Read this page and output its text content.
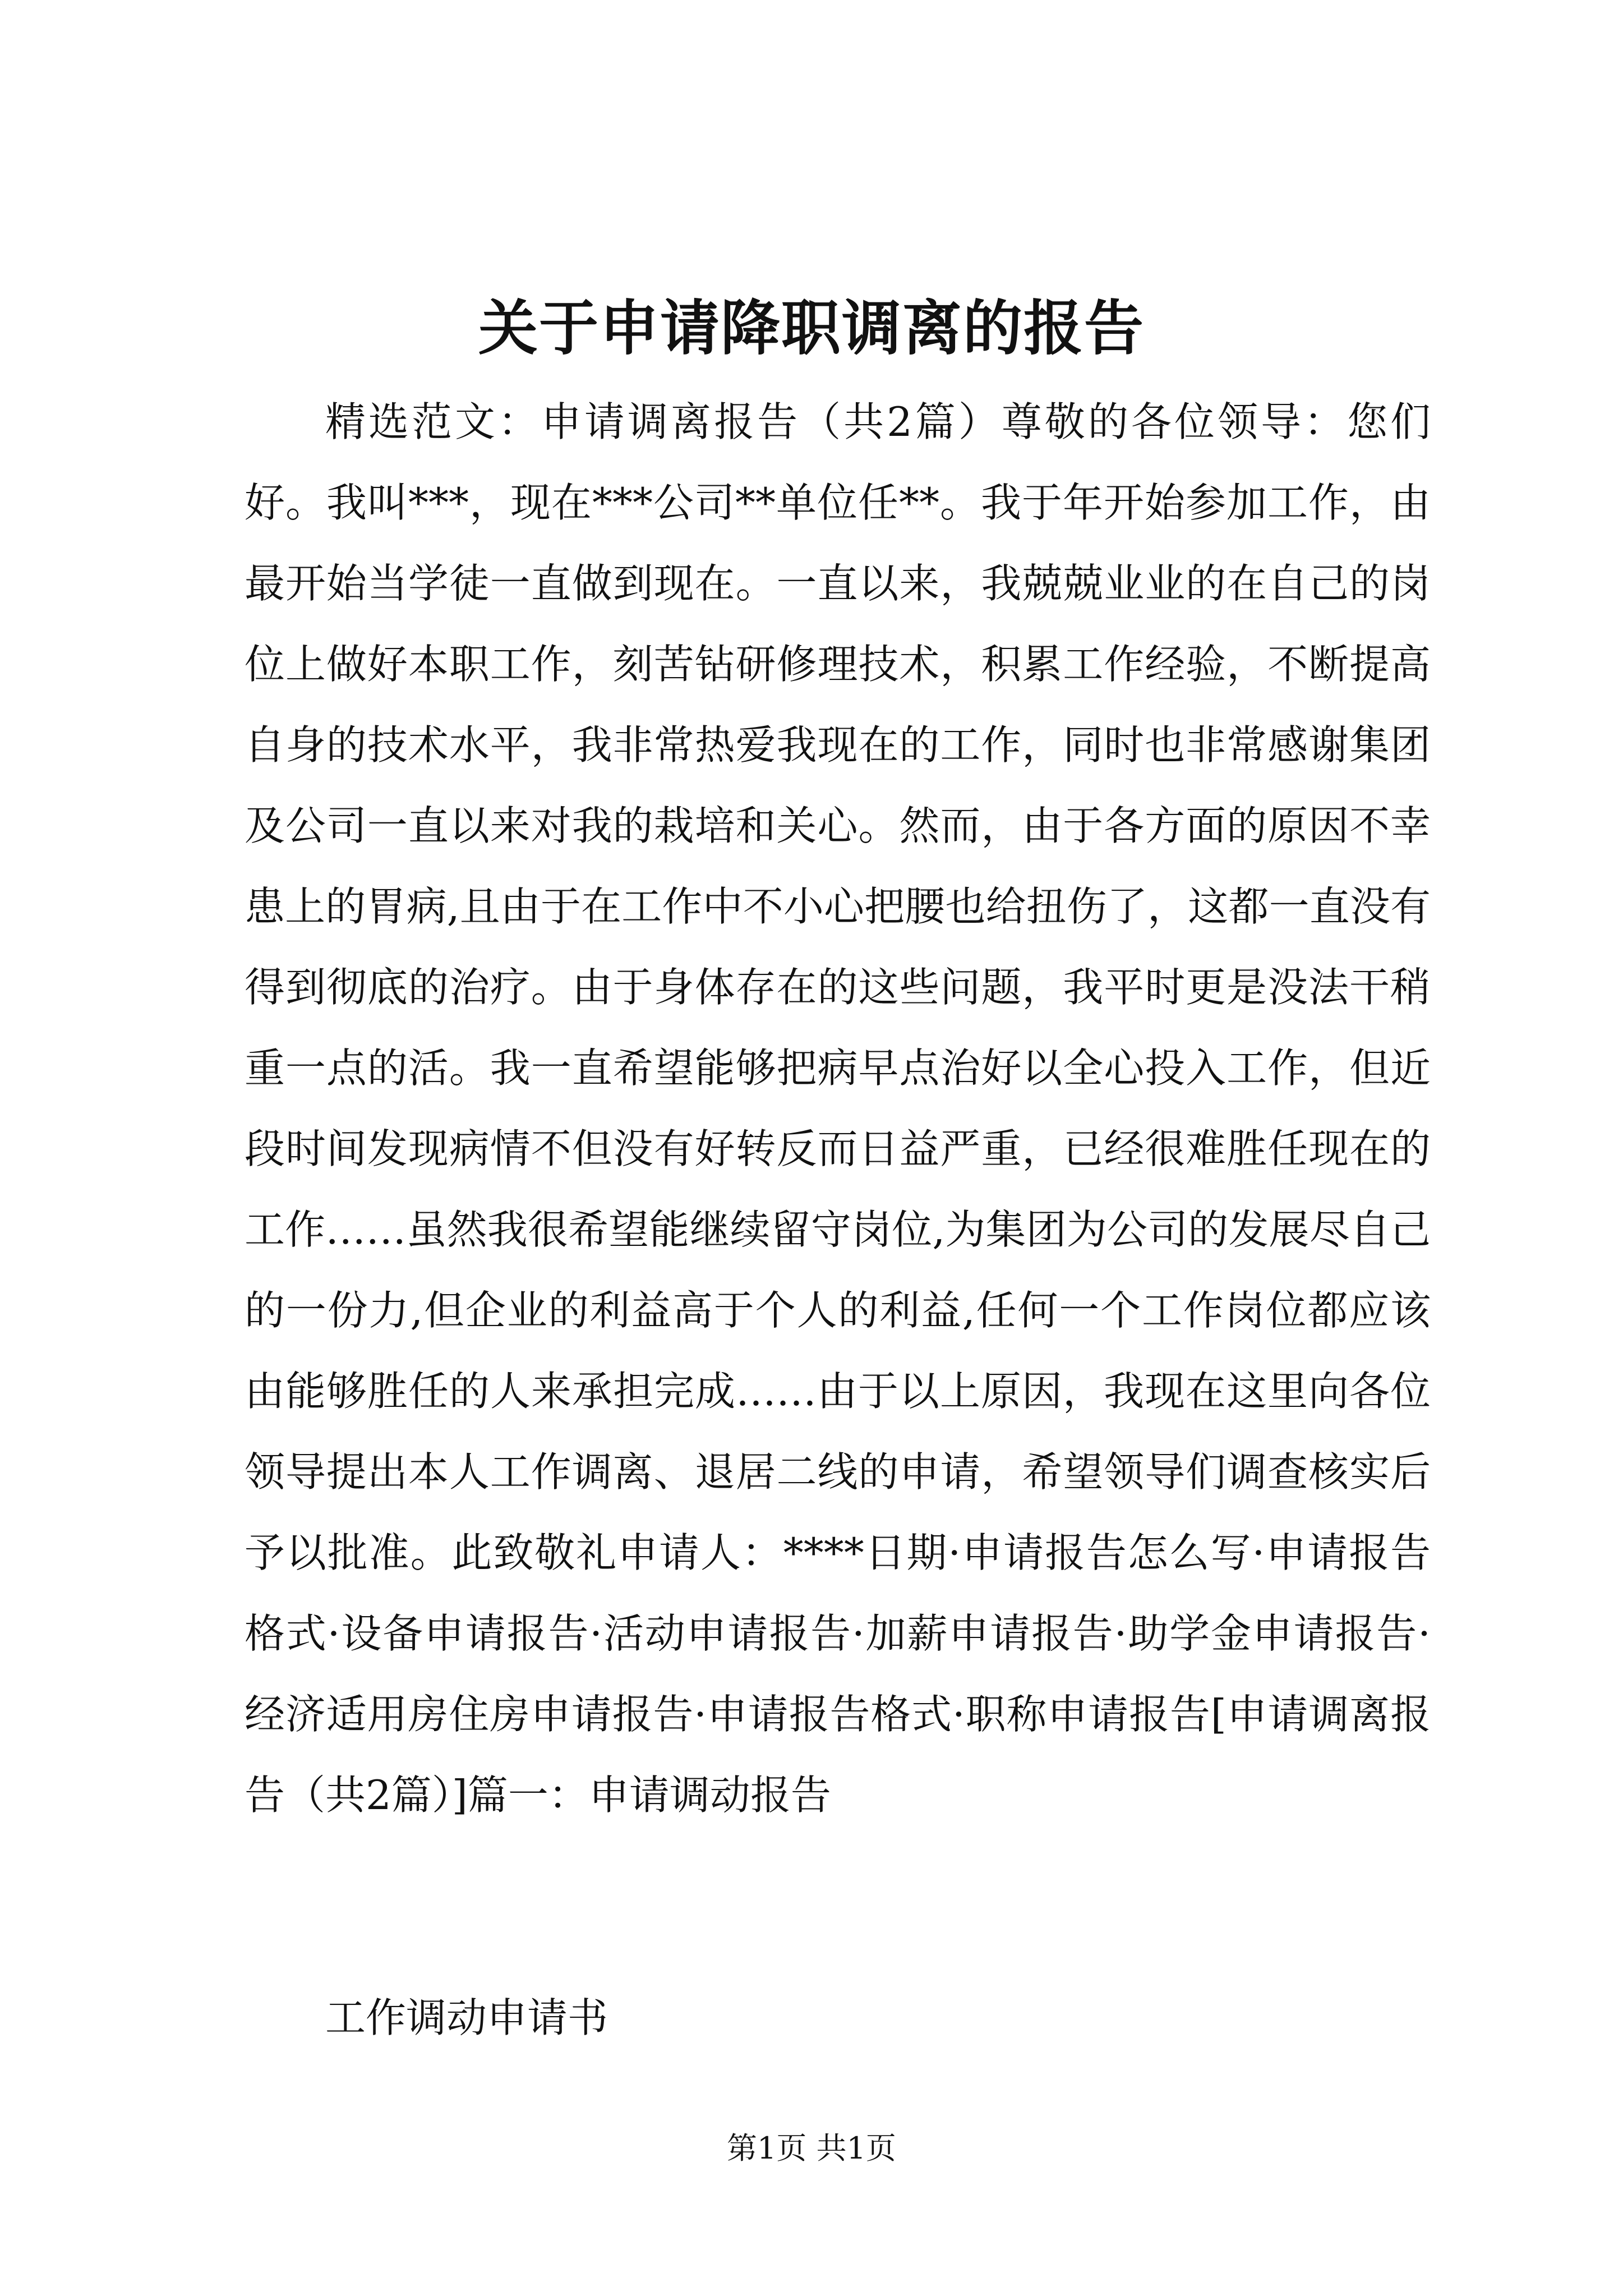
关于申请降职调离的报告

精选范文：申请调离报告（共2篇）尊敬的各位领导：您们好。我叫***，现在***公司**单位任**。我于年开始参加工作，由最开始当学徒一直做到现在。一直以来，我兢兢业业的在自己的岗位上做好本职工作，刻苦钻研修理技术，积累工作经验，不断提高自身的技术水平，我非常热爱我现在的工作，同时也非常感谢集团及公司一直以来对我的栽培和关心。然而，由于各方面的原因不幸患上的胃病,且由于在工作中不小心把腰也给扭伤了，这都一直没有得到彻底的治疗。由于身体存在的这些问题，我平时更是没法干稍重一点的活。我一直希望能够把病早点治好以全心投入工作，但近段时间发现病情不但没有好转反而日益严重，已经很难胜任现在的工作……虽然我很希望能继续留守岗位,为集团为公司的发展尽自己的一份力,但企业的利益高于个人的利益,任何一个工作岗位都应该由能够胜任的人来承担完成……由于以上原因，我现在这里向各位领导提出本人工作调离、退居二线的申请，希望领导们调查核实后予以批准。此致敬礼申请人：****日期·申请报告怎么写·申请报告格式·设备申请报告·活动申请报告·加薪申请报告·助学金申请报告·经济适用房住房申请报告·申请报告格式·职称申请报告[申请调离报告（共2篇）]篇一：申请调动报告

工作调动申请书

第1页 共1页
